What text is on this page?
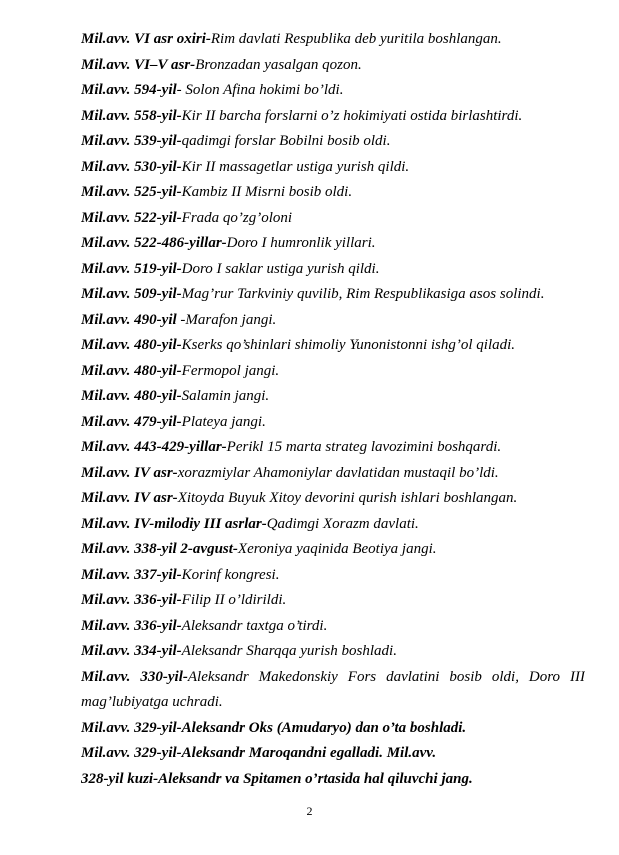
Mil.avv. VI asr oxiri-Rim davlati Respublika deb yuritila boshlangan.
Mil.avv. VI–V asr-Bronzadan yasalgan qozon.
Mil.avv. 594-yil- Solon Afina hokimi bo’ldi.
Mil.avv. 558-yil-Kir II barcha forslarni o’z hokimiyati ostida birlashtirdi.
Mil.avv. 539-yil-qadimgi forslar Bobilni bosib oldi.
Mil.avv. 530-yil-Kir II massagetlar ustiga yurish qildi.
Mil.avv. 525-yil-Kambiz II Misrni bosib oldi.
Mil.avv. 522-yil-Frada qo’zg’oloni
Mil.avv. 522-486-yillar-Doro I humronlik yillari.
Mil.avv. 519-yil-Doro I saklar ustiga yurish qildi.
Mil.avv. 509-yil-Mag’rur Tarkviniy quvilib, Rim Respublikasiga asos solindi.
Mil.avv. 490-yil -Marafon jangi.
Mil.avv. 480-yil-Kserks qo’shinlari shimoliy Yunonistonni ishg’ol qiladi.
Mil.avv. 480-yil-Fermopol jangi.
Mil.avv. 480-yil-Salamin jangi.
Mil.avv. 479-yil-Plateya jangi.
Mil.avv. 443-429-yillar-Perikl 15 marta strateg lavozimini boshqardi.
Mil.avv. IV asr-xorazmiylar Ahamoniylar davlatidan mustaqil bo’ldi.
Mil.avv. IV asr-Xitoyda Buyuk Xitoy devorini qurish ishlari boshlangan.
Mil.avv. IV-milodiy III asrlar-Qadimgi Xorazm davlati.
Mil.avv. 338-yil 2-avgust-Xeroniya yaqinida Beotiya jangi.
Mil.avv. 337-yil-Korinf kongresi.
Mil.avv. 336-yil-Filip II o’ldirildi.
Mil.avv. 336-yil-Aleksandr taxtga o’tirdi.
Mil.avv. 334-yil-Aleksandr Sharqqa yurish boshladi.
Mil.avv. 330-yil-Aleksandr Makedonskiy Fors davlatini bosib oldi, Doro III
mag’lubiyatga uchradi.
Mil.avv. 329-yil-Aleksandr Oks (Amudaryo) dan o’ta boshladi.
Mil.avv. 329-yil-Aleksandr Maroqandni egalladi. Mil.avv.
328-yil kuzi-Aleksandr va Spitamen o’rtasida hal qiluvchi jang.
2
